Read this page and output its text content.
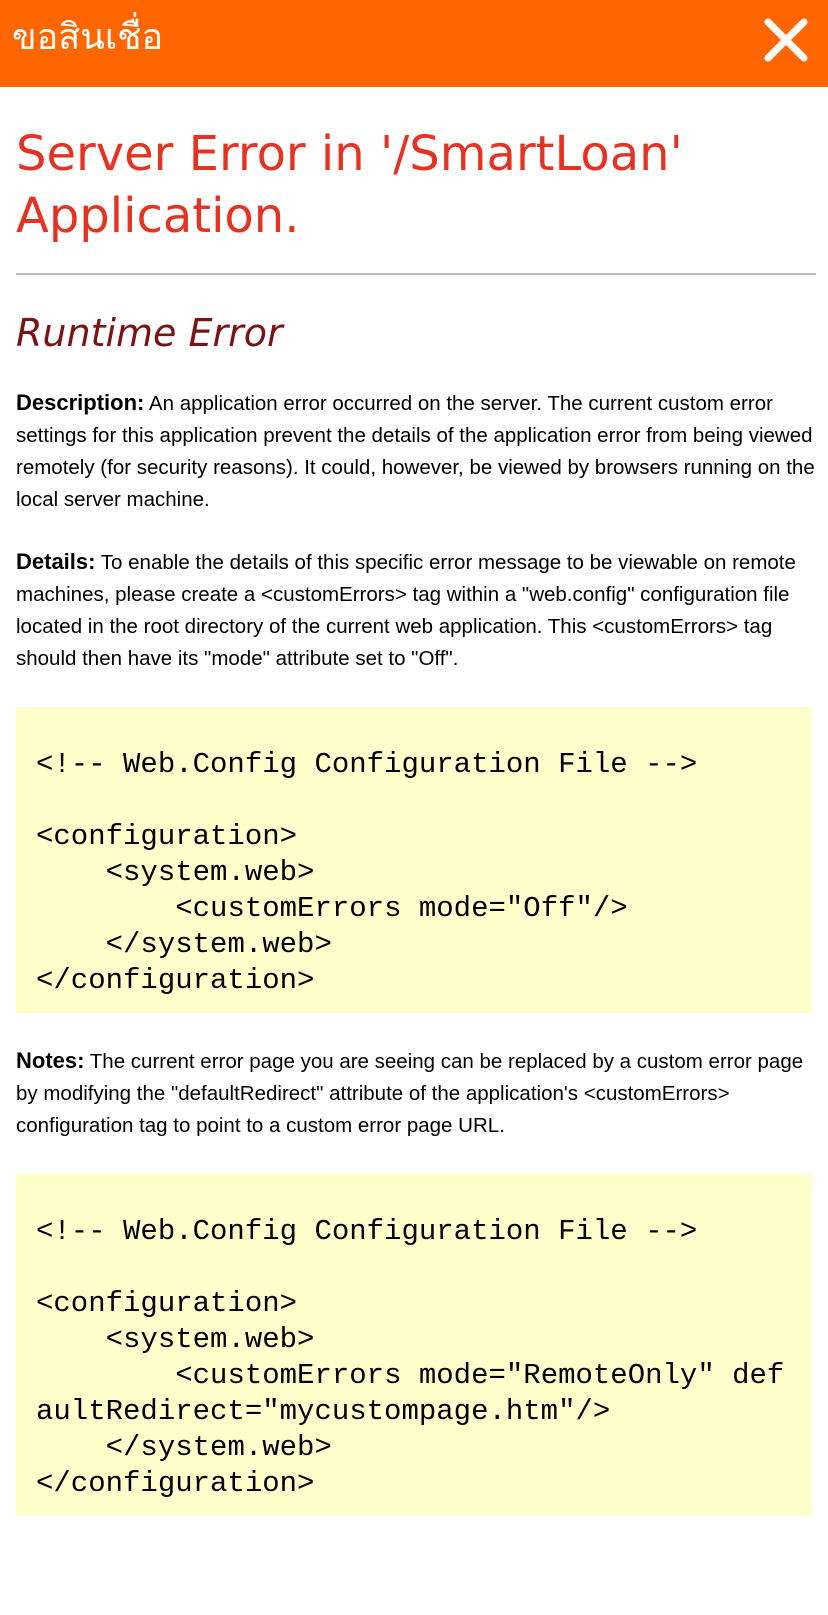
ขอสินเชื่อ
Server Error in '/SmartLoan' Application.
Runtime Error

Description: An application error occurred on the server. The current custom error settings for this application prevent the details of the application error from being viewed remotely (for security reasons). It could, however, be viewed by browsers running on the local server machine.

Details: To enable the details of this specific error message to be viewable on remote machines, please create a <customErrors> tag within a "web.config" configuration file located in the root directory of the current web application. This <customErrors> tag should then have its "mode" attribute set to "Off".

<!-- Web.Config Configuration File -->

<configuration>
<system.web>
<customErrors mode="Off"/>
</system.web>
</configuration>

Notes: The current error page you are seeing can be replaced by a custom error page by modifying the "defaultRedirect" attribute of the application's <customErrors> configuration tag to point to a custom error page URL.

<!-- Web.Config Configuration File -->

<configuration>
<system.web>
<customErrors mode="RemoteOnly" defaultRedirect="mycustompage.htm"/>
</system.web>
</configuration>
